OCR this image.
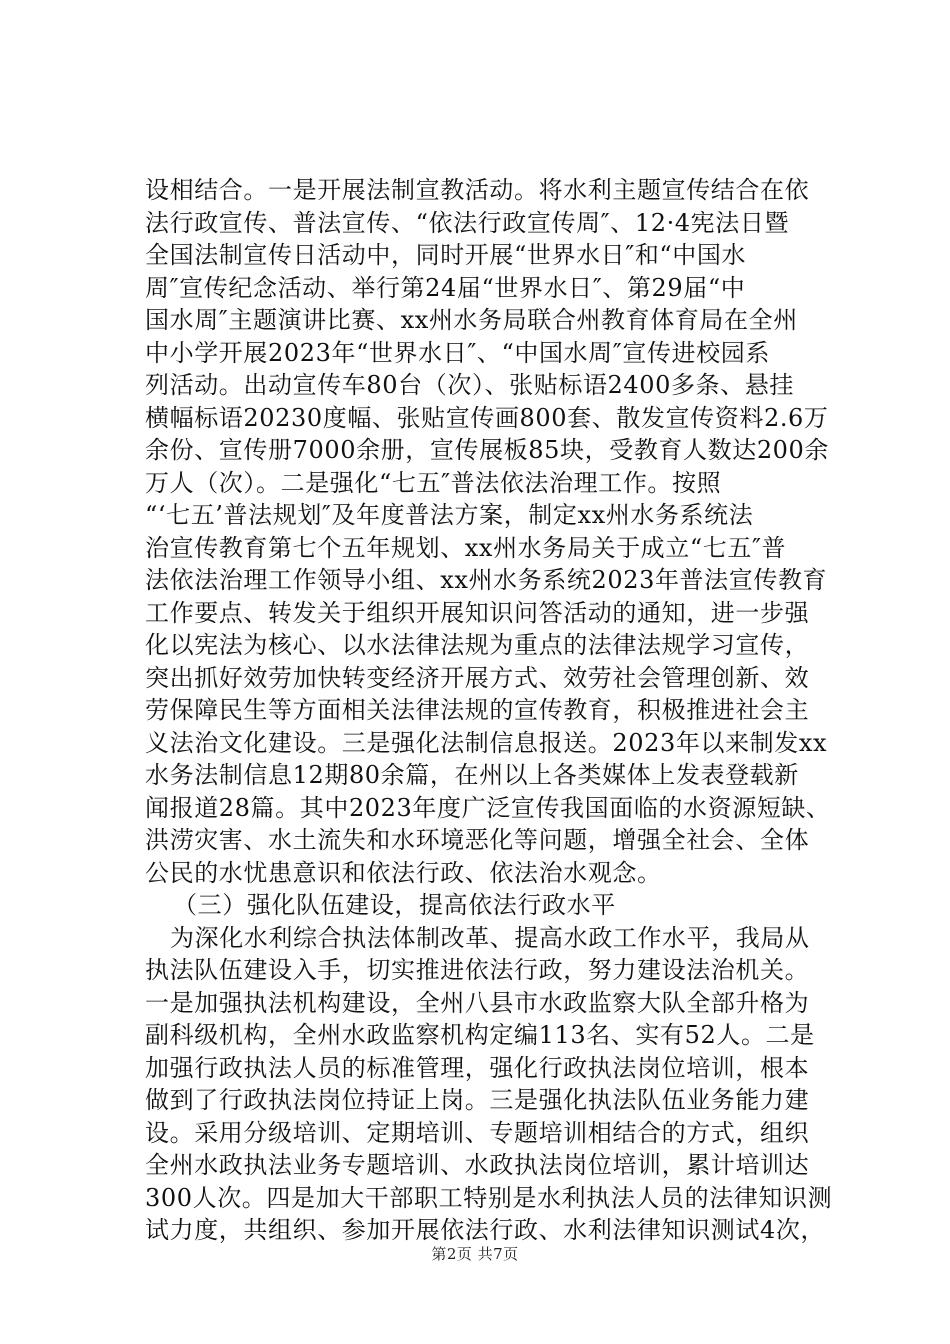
设相结合。一是开展法制宣教活动。将水利主题宣传结合在依
法行政宣传、普法宣传、“依法行政宣传周″、12·4宪法日暨
全国法制宣传日活动中，同时开展“世界水日″和“中国水
周″宣传纪念活动、举行第24届“世界水日″、第29届“中
国水周″主题演讲比赛、xx州水务局联合州教育体育局在全州
中小学开展2023年“世界水日″、“中国水周″宣传进校园系
列活动。出动宣传车80台（次）、张贴标语2400多条、悬挂
横幅标语20230度幅、张贴宣传画800套、散发宣传资料2.6万
余份、宣传册7000余册，宣传展板85块，受教育人数达200余
万人（次）。二是强化“七五″普法依法治理工作。按照
“‘七五’普法规划″及年度普法方案，制定xx州水务系统法
治宣传教育第七个五年规划、xx州水务局关于成立“七五″普
法依法治理工作领导小组、xx州水务系统2023年普法宣传教育
工作要点、转发关于组织开展知识问答活动的通知，进一步强
化以宪法为核心、以水法律法规为重点的法律法规学习宣传，
突出抓好效劳加快转变经济开展方式、效劳社会管理创新、效
劳保障民生等方面相关法律法规的宣传教育，积极推进社会主
义法治文化建设。三是强化法制信息报送。2023年以来制发xx
水务法制信息12期80余篇，在州以上各类媒体上发表登载新
闻报道28篇。其中2023年度广泛宣传我国面临的水资源短缺、
洪涝灾害、水土流失和水环境恶化等问题，增强全社会、全体
公民的水忧患意识和依法行政、依法治水观念。
（三）强化队伍建设，提高依法行政水平
为深化水利综合执法体制改革、提高水政工作水平，我局从
执法队伍建设入手，切实推进依法行政，努力建设法治机关。
一是加强执法机构建设，全州八县市水政监察大队全部升格为
副科级机构，全州水政监察机构定编113名、实有52人。二是
加强行政执法人员的标准管理，强化行政执法岗位培训，根本
做到了行政执法岗位持证上岗。三是强化执法队伍业务能力建
设。采用分级培训、定期培训、专题培训相结合的方式，组织
全州水政执法业务专题培训、水政执法岗位培训，累计培训达
300人次。四是加大干部职工特别是水利执法人员的法律知识测
试力度，共组织、参加开展依法行政、水利法律知识测试4次，
第2页 共7页
